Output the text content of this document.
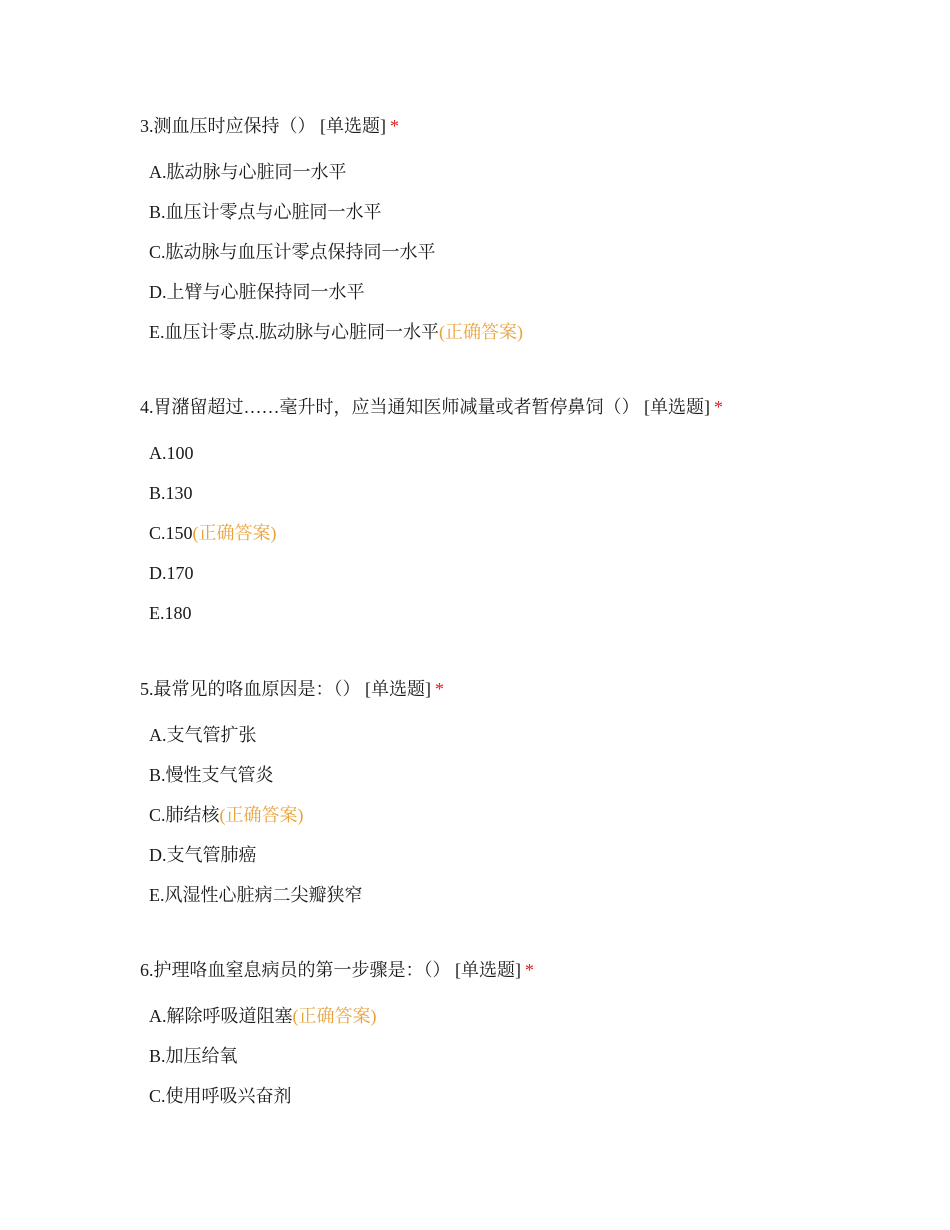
3.测血压时应保持（） [单选题] *

A.肱动脉与心脏同一水平
B.血压计零点与心脏同一水平
C.肱动脉与血压计零点保持同一水平
D.上臂与心脏保持同一水平
E.血压计零点.肱动脉与心脏同一水平(正确答案)

4.胃潴留超过……毫升时，应当通知医师减量或者暂停鼻饲（） [单选题] *

A.100
B.130
C.150(正确答案)
D.170
E.180

5.最常见的咯血原因是：（） [单选题] *

A.支气管扩张
B.慢性支气管炎
C.肺结核(正确答案)
D.支气管肺癌
E.风湿性心脏病二尖瓣狭窄

6.护理咯血窒息病员的第一步骤是：（） [单选题] *

A.解除呼吸道阻塞(正确答案)
B.加压给氧
C.使用呼吸兴奋剂
